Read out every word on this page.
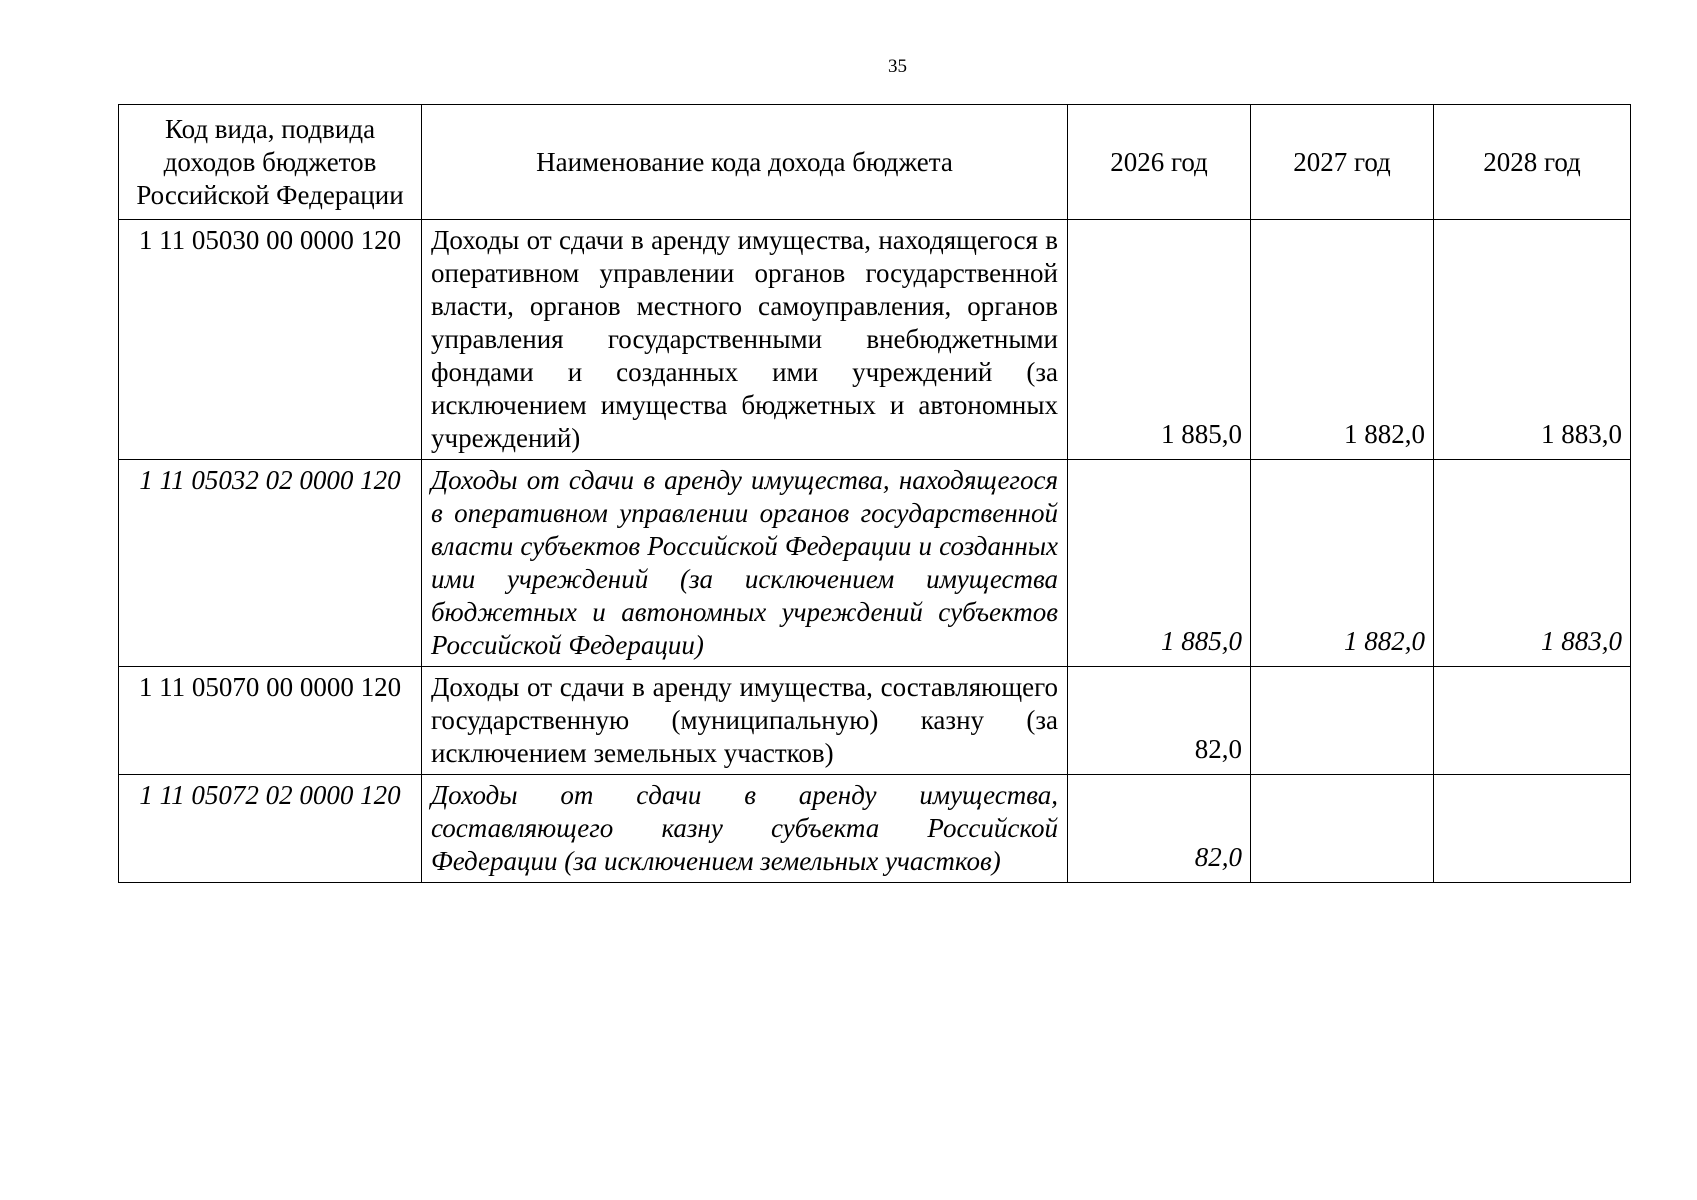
35
Код вида, подвида доходов бюджетов Российской Федерации	Наименование кода дохода бюджета	2026 год	2027 год	2028 год
1 11 05030 00 0000 120	Доходы от сдачи в аренду имущества, находящегося в оперативном управлении органов государственной власти, органов местного самоуправления, органов управления государственными внебюджетными фондами и созданных ими учреждений (за исключением имущества бюджетных и автономных учреждений)	1 885,0	1 882,0	1 883,0
1 11 05032 02 0000 120	Доходы от сдачи в аренду имущества, находящегося в оперативном управлении органов государственной власти субъектов Российской Федерации и созданных ими учреждений (за исключением имущества бюджетных и автономных учреждений субъектов Российской Федерации)	1 885,0	1 882,0	1 883,0
1 11 05070 00 0000 120	Доходы от сдачи в аренду имущества, составляющего государственную (муниципальную) казну (за исключением земельных участков)	82,0		
1 11 05072 02 0000 120	Доходы от сдачи в аренду имущества, составляющего казну субъекта Российской Федерации (за исключением земельных участков)	82,0		
